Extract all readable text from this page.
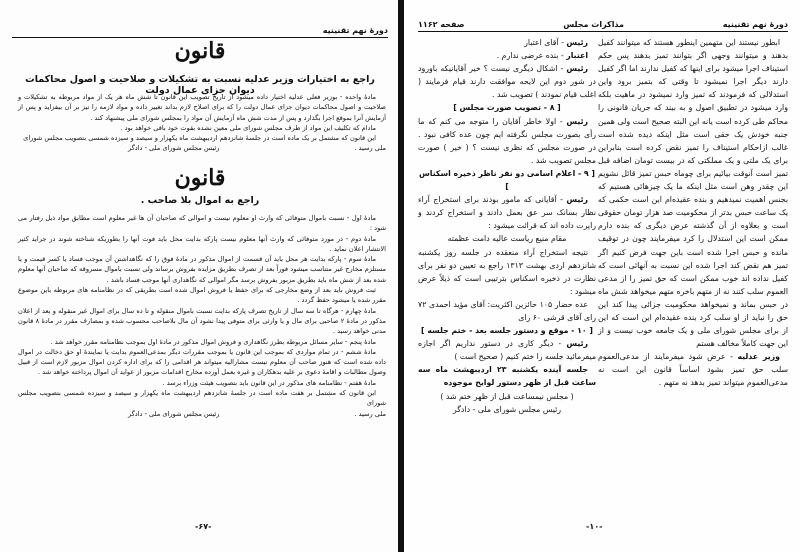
دورهٔ نهم تقنینیه
قانون
راجع به اختیارات وزیر عدلیه نسبت به تشکیلات و صلاحیت و اصول محاکمات دیوان جزای عمال دولت

مادهٔ واحده - بوزیر فعلی عدلیه اختیار داده میشود از تاریخ تصویب این قانون تا شش ماه هر یک از مواد مربوطه به تشکیلات و صلاحیت و اصول محاکمات دیوان جزای عمال دولت را که برای اصلاح لازم بداند تغییر داده و مواد لازمه را نیز بر آن بیفزاید و پس از آزمایش آنرا بموقع اجرا بگذارد و پس از مدت شش ماه آزمایش آن مواد را بمجلس شورای ملی پیشنهاد کند .

مادام که تکلیف این مواد از طرف مجلس شورای ملی معین نشده بقوت خود باقی خواهد بود .

این قانون که مشتمل بر یک ماده است در جلسهٔ شانزدهم اردیبهشت ماه یکهزار و سیصد و سیزده شمسی بتصویب مجلس شورای

ملی رسید .
رئیس مجلس شورای ملی - دادگر
قانون
راجع به اموال بلا صاحب .

مادهٔ اول - نسبت باموال متوفائی که وارث او معلوم نیست و اموالی که صاحبان آن ها غیر معلوم است مطابق مواد ذیل رفتار می شود :

مادهٔ دوم - در مورد متوفائی که وارث آنها معلوم نیست پارکه بدایت محل باید فوت آنها را بطوریکه شناخته شوند در جراید کثیر الانتشار اعلان نماید .

مادهٔ سوم - پارکه بدایت هر محل باید آن قسمت از اموال مذکور در مادهٔ فوق را که نگاهداشتن آن موجب فساد یا کسر قیمت و یا مستلزم مخارج غیر متناسب میشود فوراً بعد از تصرف بطریق مزایده بفروش برساند ولی نسبت باموال مسروقه که صاحبان آنها معلوم شده بعد از شش ماه باید بطریق مزبور بفروش برسد مگر اموالی که نگاهداری آنها موجب فساد باشد .

ثبت فروش باید بعد از وضع مخارجی که برای حفظ یا فروش اموال شده است بطریقی که در نظامنامه های مربوطه باین موضوع مقرر شده یا میشود حفظ گردد .

مادهٔ چهارم - هرگاه تا سه سال از تاریخ تصرف پارکه بدایت نسبت باموال منقوله و تا ده سال برای اموال غیر منقوله و بعد از اعلان مذکور در مادهٔ ۲ صاحبی برای مال و یا وارثی برای متوفی پیدا نشود آن مال بلاصاحب محسوب شده و بمصارف مقرر در مادهٔ ۸ قانون مدنی خواهد رسید .

مادهٔ پنجم - سایر مسائل مربوطه بطرز نگاهداری و فروش اموال مذکور در مادهٔ اول بموجب نظامنامه مقرر خواهد شد .

مادهٔ ششم - در تمام مواردی که بموجب این قانون یا بموجب مقررات دیگر بمدعی‌العموم بدایت یا نمایندهٔ او حق دخالت در اموال داده شده است که هنوز صاحب آن معلوم نیست مشارالیه میتواند هر اقدامی را که برای اداره کردن اموال مزبور لازم است از قبیل وصول مطالبات و اقامهٔ دعوی بر علیه بدهکاران و غیره بعمل آورده مخارج اقدامات مزبور از عواید آن اموال پرداخته خواهد شد .

مادهٔ هفتم - نظامنامه های مذکور در این قانون باید بتصویب هیئت وزراء برسد .

این قانون که مشتمل بر هفت ماده است در جلسهٔ شانزدهم اردیبهشت ماه یکهزار و سیصد و سیزده شمسی بتصویب مجلس شورای

ملی رسید .
رئیس مجلس شورای ملی - دادگر
-۶۷-
دورهٔ نهم تقنینیه
مذاکرات مجلس
صفحه ۱۱۶۲

ابطور نیستند این متهمین اینطور هستند که میتوانند کفیل بدهند و میتوانند وجهی اگر بتوانند تمیز بدهند پس حکم استیناف اجرا میشود برای اینها که کفیل ندارند اما اگر کفیل دارند دیگر اجرا نمیشود تا وقتی که بتمیز برود واین استدلالی که فرمودند که تمیز وارد نمیشود در ماهیت بلکه وارد میشود در تطبیق اصول و به بیند که جریان قانونی را محاکم طی کرده است یانه این البته صحیح است ولی همین جنبه خودش یک حقی است مثل اینکه دیده شده است غالب ازاحکام استیناف را تمیز نقض کرده است بنابراین برای یک ملتی و یک مملکتی که در بیست تومان اضافه قبل تمیز است آنوقت بیائیم برای چوماه حبس تمیز قائل نشویم این چقدر وهن است مثل اینکه ما یک چیزهائی هستیم که بجنس اهمیت نمیدهیم و بنده عقیده‌ام این است حکمی که یک ساعت حبس بدتر از محکومیت صد هزار تومان حقوقی است و بعلاوه از آن گذشته عرض دیگری که بنده دارم ممکن است این استدلال را کرد میفرمایند چون در توقیف مانده و حبس اجرا شده است باین جهت فرض کنیم اگر تمیز هم نقض کند اجرا شده این نسبت به آنهائی است که کفیل نداده اند خوب ممکن است که حق تمیز را از مدعی العموم سلب کنند نه از متهم باخره متهم میخواهد شش ماه در حبس بماند و نمیخواهد محکومیت جزائی پیدا کند این حق را نباید از او سلب کرد بنده عقیده‌ام این است که این از برای مجلس شورای ملی و یک جامعه خوب نیست و از این جهت کاملاً مخالف هستم

وزیر عدلیه - عرض شود میفرمایند از مدعی‌العموم سلب حق تمیز بشود اساساً قانون این است نه مدعی‌العموم میتواند تمیز بدهد نه متهم .

رئیس - آقای اعتبار

اعتبار - بنده عرضی ندارم .

رئیس - اشکال دیگری نیست ؟ خیر آقایانیکه باورود در شور دوم این لایحه موافقت دارند قیام فرمایند ( اغلب قیام نمودند ) تصویب شد .

[ ۸ - تصویب صورت مجلس ]

رئیس - اولا خاطر آقایان را متوجه می کنم که ما رأی بصورت مجلس نگرفته ایم چون عده کافی نبود . در صورت مجلس که نظری نیست ؟ ( خیر ) صورت مجلس تصویب شد .

[ ۹ - اعلام اسامی دو نفر ناظر ذخیره اسکناس ]

رئیس - آقایانی که مامور بودند برای استخراج آراء نظار بسانک سر عق بعمل دادند و استخراج کردند و راپرت داده اند که قرائت میشود :

مقام منیع ریاست عالیه دامت عظمته

نتیجه استخراج آراء منعقده در جلسه روز یکشنبه شانزدهم اردی بهشت ۱۳۱۳ راجع به تعیین دو نفر برای نظارت در ذخیره اسکناس بترتیبی است که ذیلاً عرض میشود :

عده حضار ۱۰۵ حائزین اکثریت: آقای مؤید احمدی ۷۲ رای آقای قرشی ۶۰ رای

[ ۱۰ - موقع و دستور جلسه بعد - ختم جلسه ]

رئیس - دیگر کاری در دستور نداریم اگر اجازه میفرمائید جلسه را ختم کنیم ( صحیح است )

جلسه آینده یکشنبه ۲۳ اردیبهشت ماه سه ساعت قبل از ظهر دستور لوایح موجوده

( مجلس نیمساعت قبل از ظهر ختم شد )

رئیس مجلس شورای ملی - دادگر

-۱۰-
